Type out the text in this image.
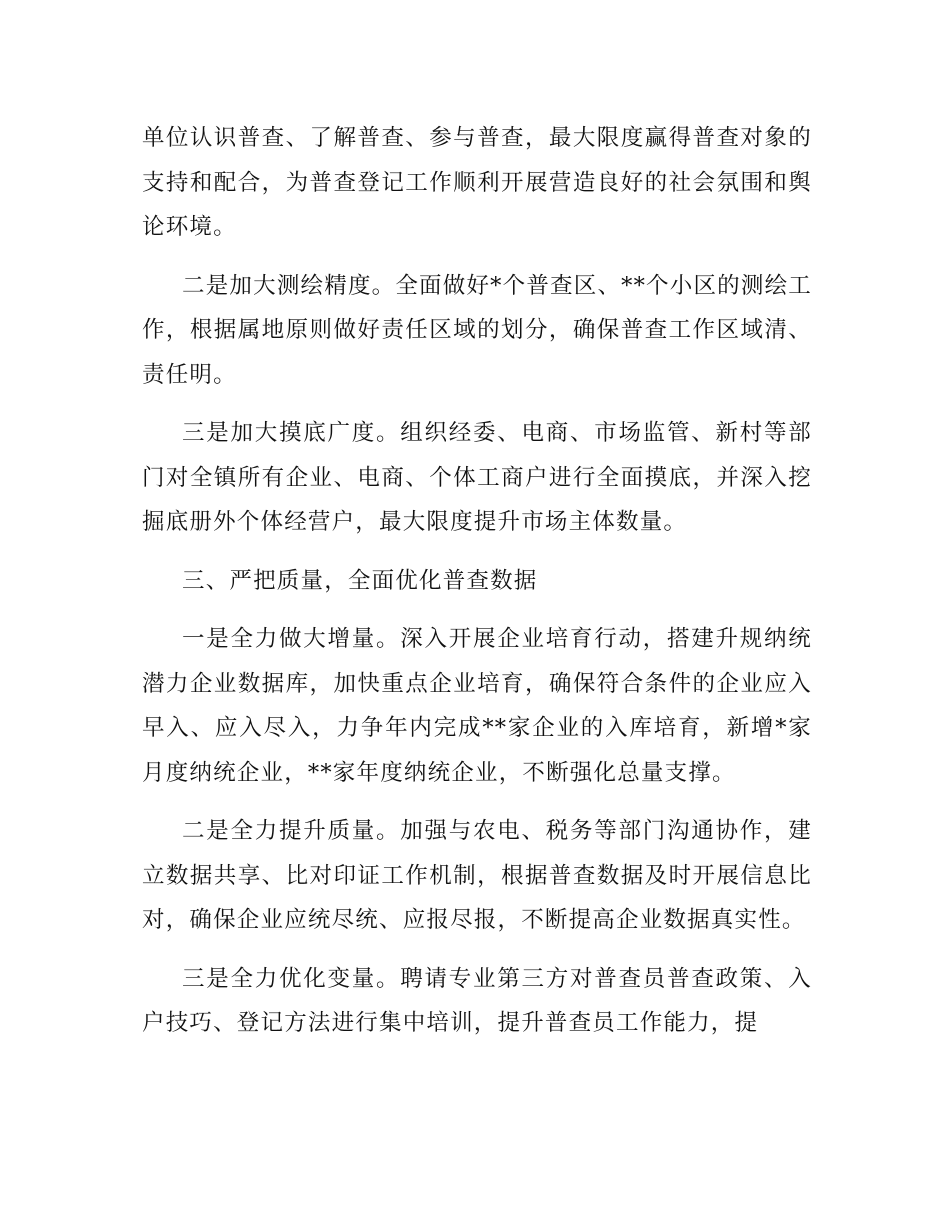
单位认识普查、了解普查、参与普查，最大限度赢得普查对象的支持和配合，为普查登记工作顺利开展营造良好的社会氛围和舆论环境。

二是加大测绘精度。全面做好*个普查区、**个小区的测绘工作，根据属地原则做好责任区域的划分，确保普查工作区域清、责任明。

三是加大摸底广度。组织经委、电商、市场监管、新村等部门对全镇所有企业、电商、个体工商户进行全面摸底，并深入挖掘底册外个体经营户，最大限度提升市场主体数量。

三、严把质量，全面优化普查数据

一是全力做大增量。深入开展企业培育行动，搭建升规纳统潜力企业数据库，加快重点企业培育，确保符合条件的企业应入早入、应入尽入，力争年内完成**家企业的入库培育，新增*家月度纳统企业，**家年度纳统企业，不断强化总量支撑。

二是全力提升质量。加强与农电、税务等部门沟通协作，建立数据共享、比对印证工作机制，根据普查数据及时开展信息比对，确保企业应统尽统、应报尽报，不断提高企业数据真实性。

三是全力优化变量。聘请专业第三方对普查员普查政策、入户技巧、登记方法进行集中培训，提升普查员工作能力，提
